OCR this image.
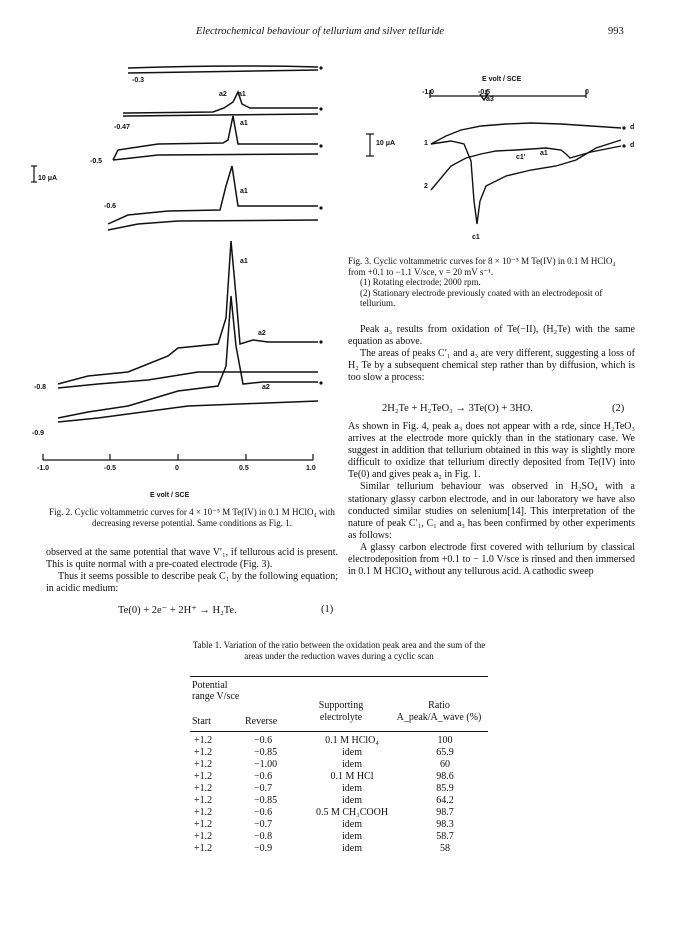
Electrochemical behaviour of tellurium and silver telluride	993
10 μA
-0.3
-0.47
-0.5
-0.6
-0.8
-0.9
a2 a1
a1
a1
a1
a2
a2
-1.0	-0.5	0	0.5	1.0
E volt / SCE
Fig. 2. Cyclic voltammetric curves for 4 × 10⁻⁵ M Te(IV) in 0.1 M HClO₄ with decreasing reverse potential. Same conditions as Fig. 1.

observed at the same potential that wave V′₁, if tellurous acid is present. This is quite normal with a pre-coated electrode (Fig. 3).

Thus it seems possible to describe peak C₁ by the following equation; in acidic medium:

Te(0) + 2e⁻ + 2H⁺ → H₂Te.	(1)
E volt / SCE
-1.0	-0.5	0
10 μA	1
2
a3
c1
c1'
a1
d
d
Fig. 3. Cyclic voltammetric curves for 8 × 10⁻⁵ M Te(IV) in 0.1 M HClO₄ from +0.1 to −1.1 V/sce, v = 20 mV s⁻¹.
(1) Rotating electrode; 2000 rpm.
(2) Stationary electrode previously coated with an electrodeposit of tellurium.

Peak a₃ results from oxidation of Te(−II), (H₂Te) with the same equation as above.

The areas of peaks C′₁ and a₃ are very different, suggesting a loss of H₂ Te by a subsequent chemical step rather than by diffusion, which is too slow a process:

2H₂Te + H₂TeO₃ → 3Te(O) + 3HO.	(2)

As shown in Fig. 4, peak a₃ does not appear with a rde, since H₂TeO₃ arrives at the electrode more quickly than in the stationary case. We suggest in addition that tellurium obtained in this way is slightly more difficult to oxidize that tellurium directly deposited from Te(IV) into Te(0) and gives peak a₂ in Fig. 1.

Similar tellurium behaviour was observed in H₂SO₄ with a stationary glassy carbon electrode, and in our laboratory we have also conducted similar studies on selenium[14]. This interpretation of the nature of peak C′₁, C₁ and a₃ has been confirmed by other experiments as follows:

A glassy carbon electrode first covered with tellurium by classical electrodeposition from +0.1 to − 1.0 V/sce is rinsed and then immersed in 0.1 M HClO₄ without any tellurous acid. A cathodic sweep

Table 1. Variation of the ratio between the oxidation peak area and the sum of the areas under the reduction waves during a cyclic scan
Potential range V/sce
Start	Reverse
Supporting electrolyte
Ratio A_peak/A_wave (%)
+1.2	−0.6	0.1 M HClO₄	100
+1.2	−0.85	idem	65.9
+1.2	−1.00	idem	60
+1.2	−0.6	0.1 M HCl	98.6
+1.2	−0.7	idem	85.9
+1.2	−0.85	idem	64.2
+1.2	−0.6	0.5 M CH₃COOH	98.7
+1.2	−0.7	idem	98.3
+1.2	−0.8	idem	58.7
+1.2	−0.9	idem	58
